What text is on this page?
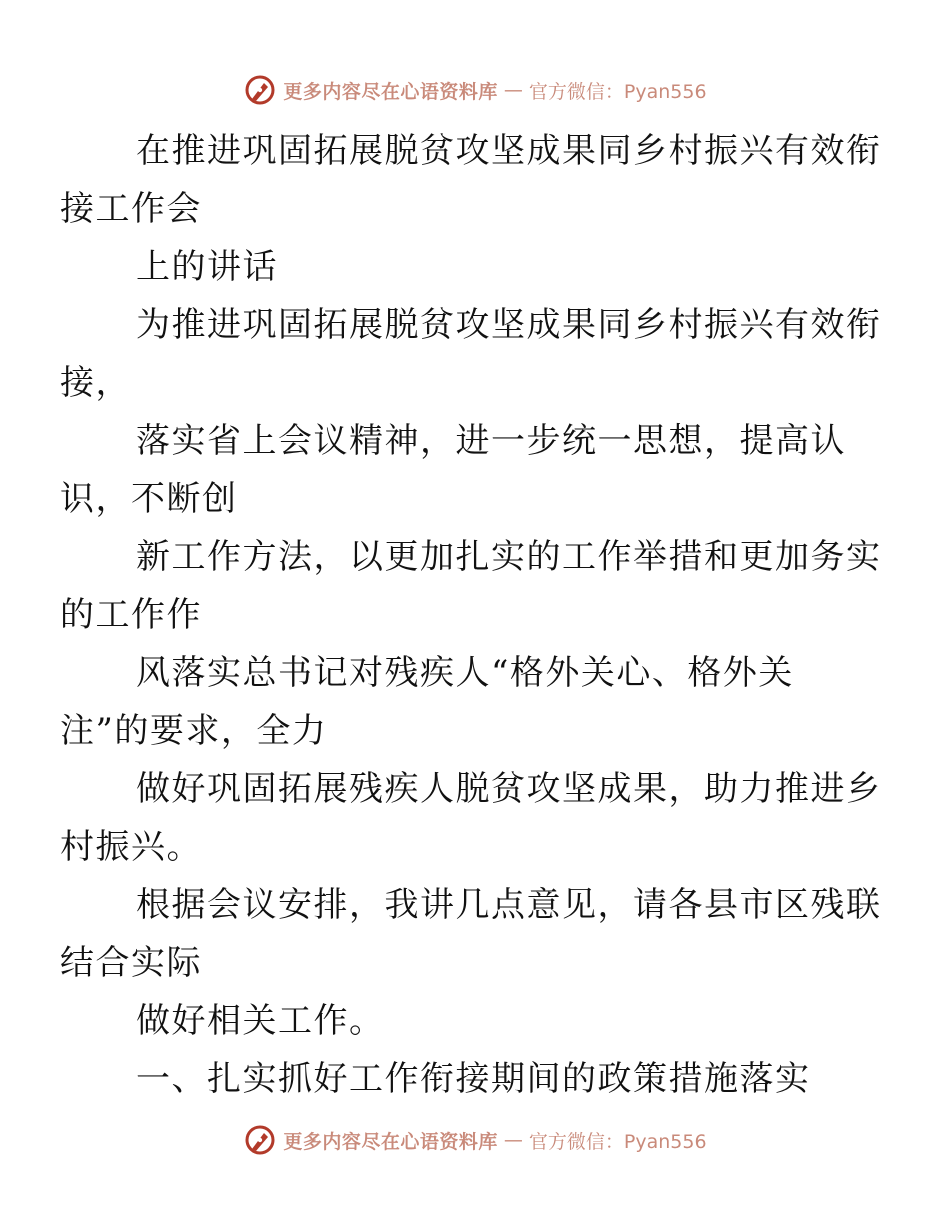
更多内容尽在心语资料库 — 官方微信：Pyan556

在推进巩固拓展脱贫攻坚成果同乡村振兴有效衔
接工作会

上的讲话

为推进巩固拓展脱贫攻坚成果同乡村振兴有效衔
接，

落实省上会议精神，进一步统一思想，提高认
识，不断创

新工作方法，以更加扎实的工作举措和更加务实
的工作作

风落实总书记对残疾人“格外关心、格外关
注”的要求，全力

做好巩固拓展残疾人脱贫攻坚成果，助力推进乡
村振兴。

根据会议安排，我讲几点意见，请各县市区残联
结合实际

做好相关工作。

一、扎实抓好工作衔接期间的政策措施落实

更多内容尽在心语资料库 — 官方微信：Pyan556
